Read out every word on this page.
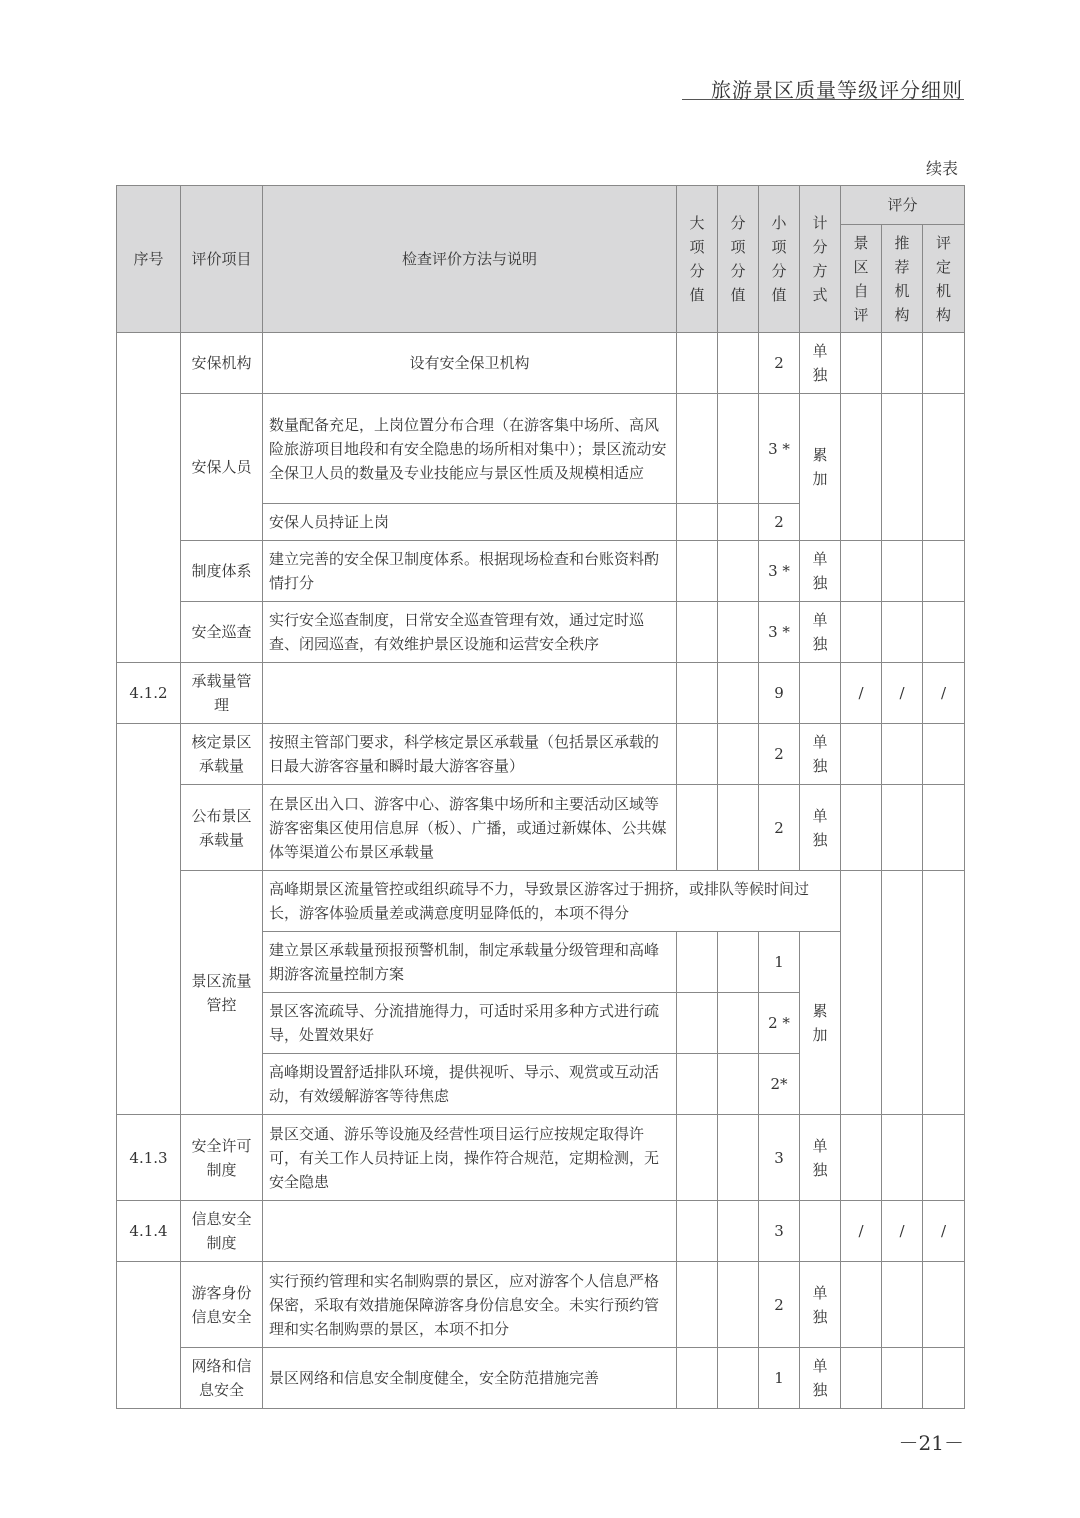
旅游景区质量等级评分细则
续表
序号	评价项目	检查评价方法与说明	大项分值	分项分值	小项分值	计分方式	评分		
							景区自评	推荐机构	评定机构
	安保机构	设有安全保卫机构			2	单独			
	安保人员	数量配备充足，上岗位置分布合理（在游客集中场所、高风险旅游项目地段和有安全隐患的场所相对集中）；景区流动安全保卫人员的数量及专业技能应与景区性质及规模相适应			3 *	累加			
		安保人员持证上岗			2				
	制度体系	建立完善的安全保卫制度体系。根据现场检查和台账资料酌情打分			3 *	单独			
	安全巡查	实行安全巡查制度，日常安全巡查管理有效，通过定时巡查、闭园巡查，有效维护景区设施和运营安全秩序			3 *	单独			
4.1.2	承载量管理				9		/	/	/
	核定景区承载量	按照主管部门要求，科学核定景区承载量（包括景区承载的日最大游客容量和瞬时最大游客容量）			2	单独			
	公布景区承载量	在景区出入口、游客中心、游客集中场所和主要活动区域等游客密集区使用信息屏（板）、广播，或通过新媒体、公共媒体等渠道公布景区承载量			2	单独			
	景区流量管控	高峰期景区流量管控或组织疏导不力，导致景区游客过于拥挤，或排队等候时间过长，游客体验质量差或满意度明显降低的，本项不得分							
		建立景区承载量预报预警机制，制定承载量分级管理和高峰期游客流量控制方案			1	累加			
		景区客流疏导、分流措施得力，可适时采用多种方式进行疏导，处置效果好			2 *				
		高峰期设置舒适排队环境，提供视听、导示、观赏或互动活动，有效缓解游客等待焦虑			2*				
4.1.3	安全许可制度	景区交通、游乐等设施及经营性项目运行应按规定取得许可，有关工作人员持证上岗，操作符合规范，定期检测，无安全隐患			3	单独			
4.1.4	信息安全制度				3		/	/	/
	游客身份信息安全	实行预约管理和实名制购票的景区，应对游客个人信息严格保密，采取有效措施保障游客身份信息安全。未实行预约管理和实名制购票的景区，本项不扣分			2	单独			
	网络和信息安全	景区网络和信息安全制度健全，安全防范措施完善			1	单独			
－21－
